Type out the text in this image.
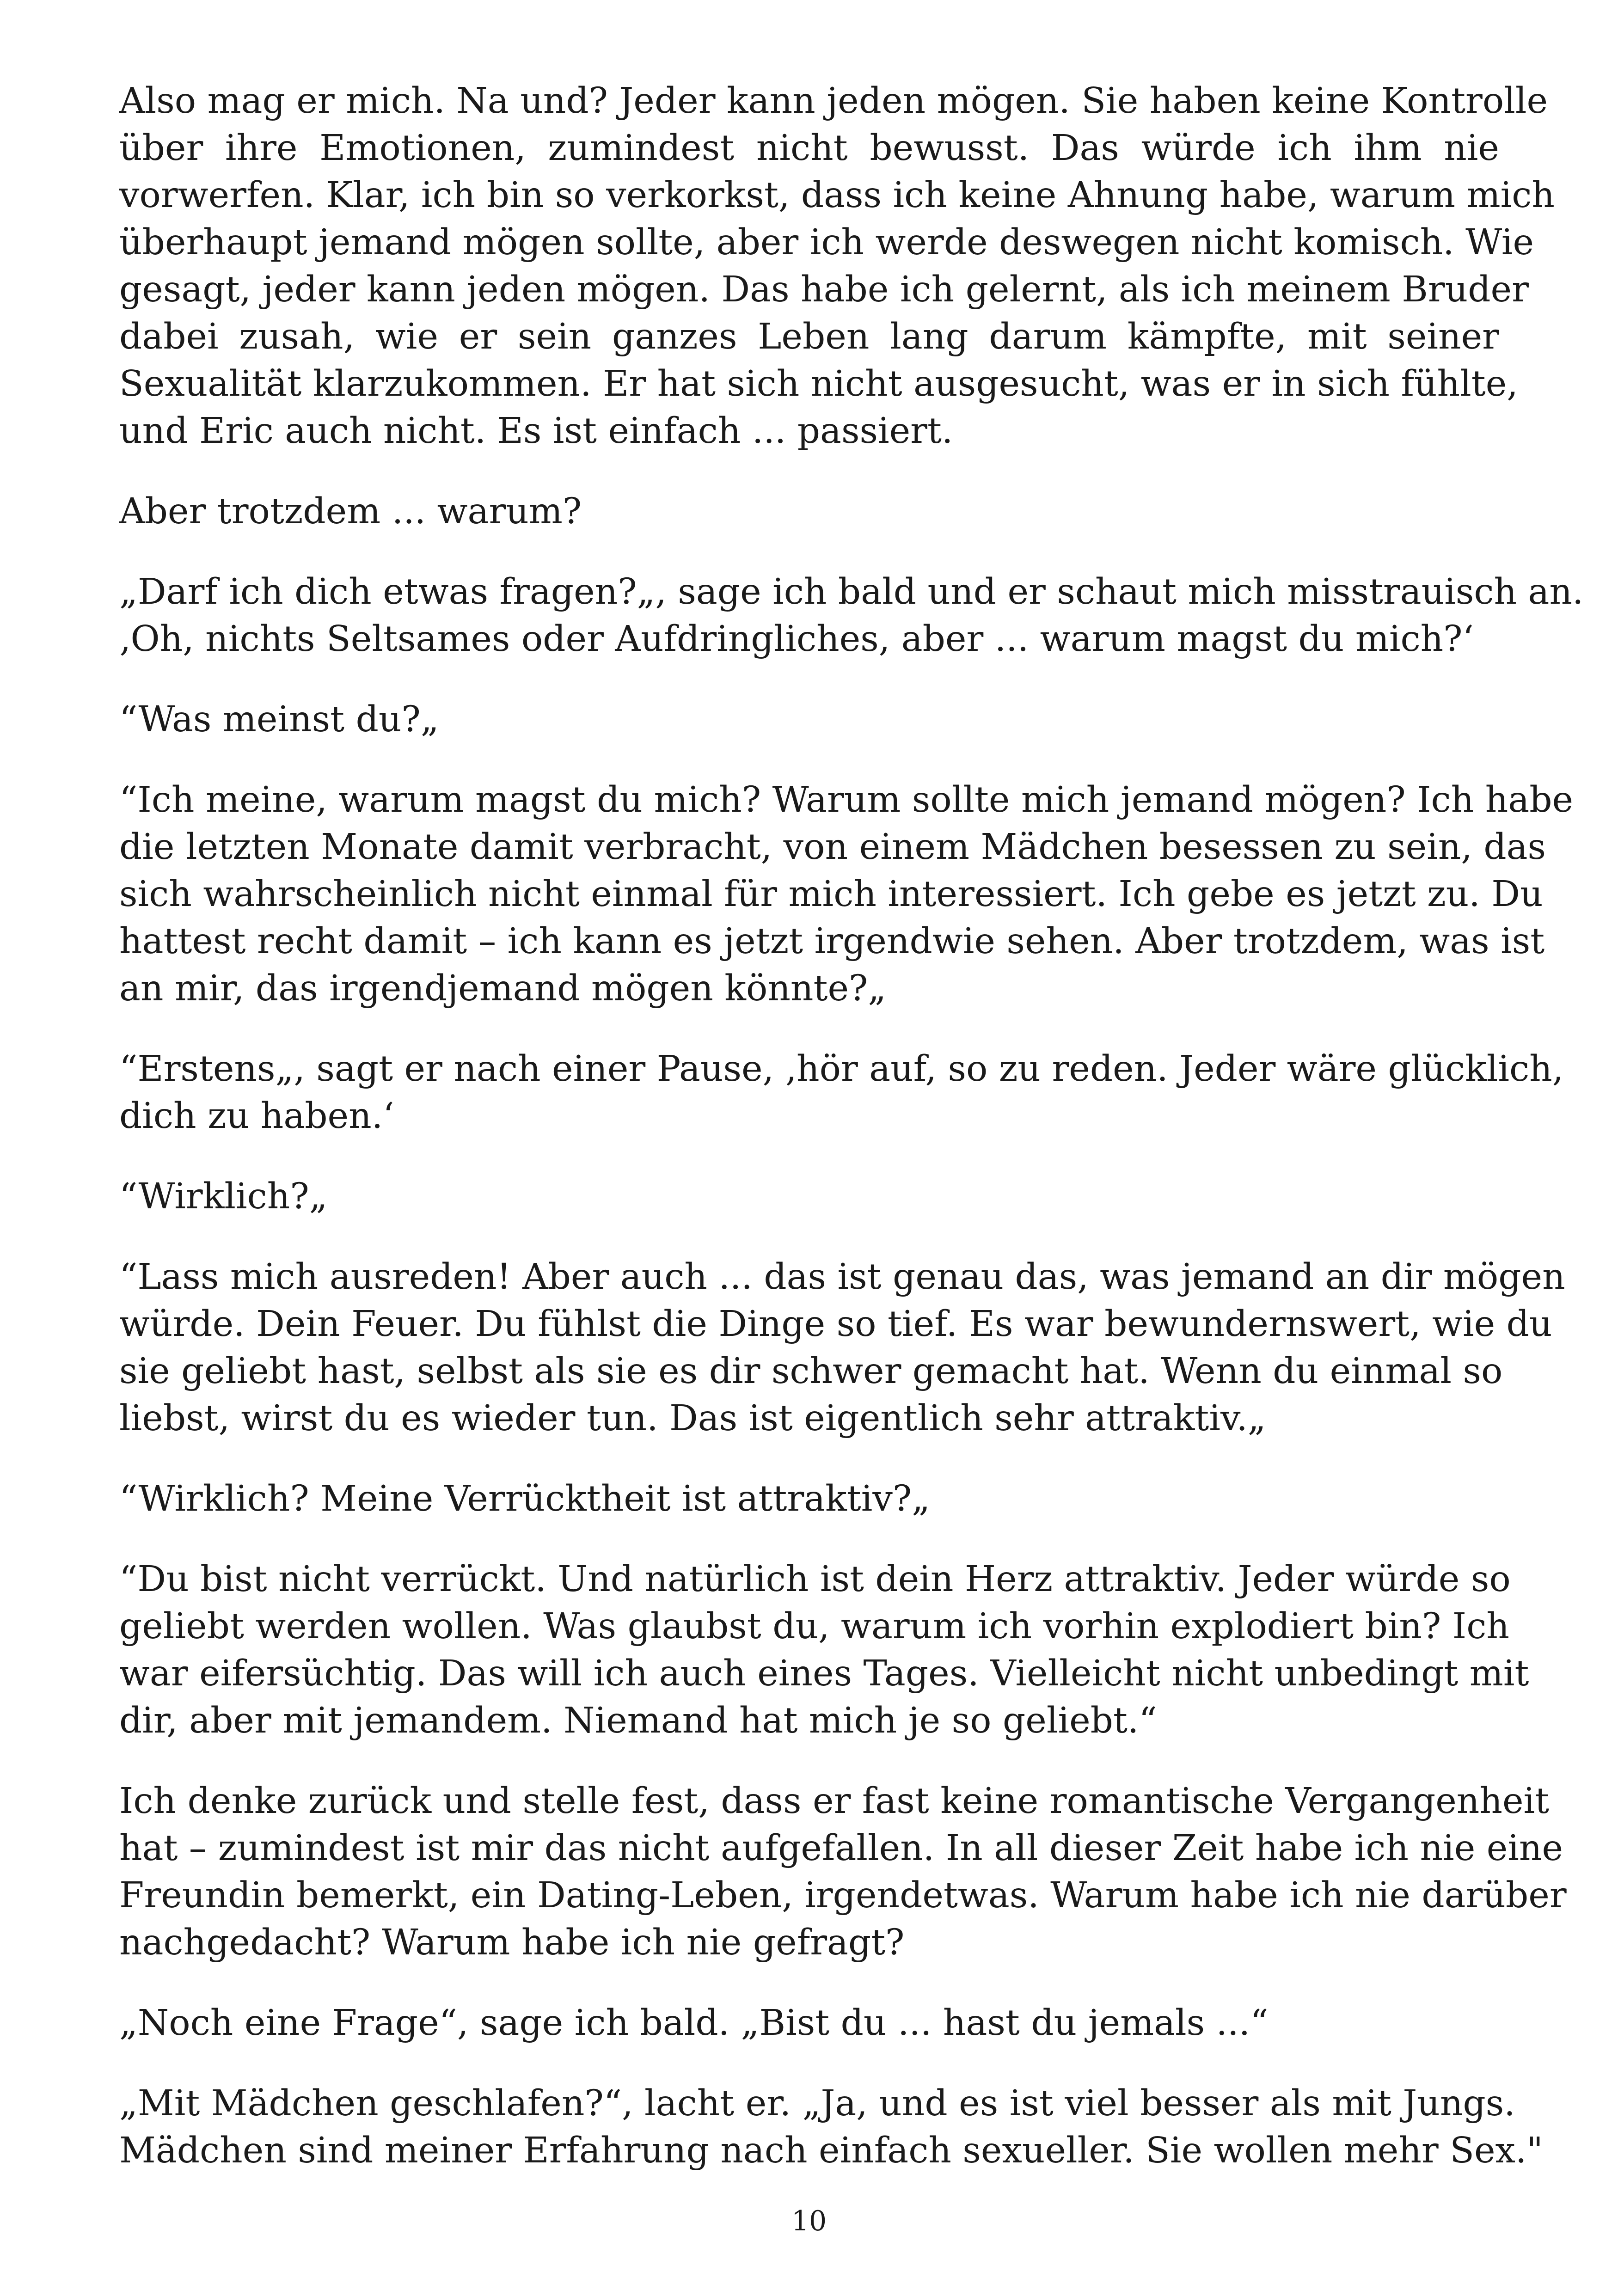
Also mag er mich. Na und? Jeder kann jeden mögen. Sie haben keine Kontrolle
über ihre Emotionen, zumindest nicht bewusst. Das würde ich ihm nie
vorwerfen. Klar, ich bin so verkorkst, dass ich keine Ahnung habe, warum mich
überhaupt jemand mögen sollte, aber ich werde deswegen nicht komisch. Wie
gesagt, jeder kann jeden mögen. Das habe ich gelernt, als ich meinem Bruder
dabei zusah, wie er sein ganzes Leben lang darum kämpfte, mit seiner
Sexualität klarzukommen. Er hat sich nicht ausgesucht, was er in sich fühlte,
und Eric auch nicht. Es ist einfach ... passiert.

Aber trotzdem ... warum?

„Darf ich dich etwas fragen?„, sage ich bald und er schaut mich misstrauisch an.
‚Oh, nichts Seltsames oder Aufdringliches, aber ... warum magst du mich?‘

“Was meinst du?„

“Ich meine, warum magst du mich? Warum sollte mich jemand mögen? Ich habe
die letzten Monate damit verbracht, von einem Mädchen besessen zu sein, das
sich wahrscheinlich nicht einmal für mich interessiert. Ich gebe es jetzt zu. Du
hattest recht damit – ich kann es jetzt irgendwie sehen. Aber trotzdem, was ist
an mir, das irgendjemand mögen könnte?„

“Erstens„, sagt er nach einer Pause, ‚hör auf, so zu reden. Jeder wäre glücklich,
dich zu haben.‘

“Wirklich?„

“Lass mich ausreden! Aber auch ... das ist genau das, was jemand an dir mögen
würde. Dein Feuer. Du fühlst die Dinge so tief. Es war bewundernswert, wie du
sie geliebt hast, selbst als sie es dir schwer gemacht hat. Wenn du einmal so
liebst, wirst du es wieder tun. Das ist eigentlich sehr attraktiv.„

“Wirklich? Meine Verrücktheit ist attraktiv?„

“Du bist nicht verrückt. Und natürlich ist dein Herz attraktiv. Jeder würde so
geliebt werden wollen. Was glaubst du, warum ich vorhin explodiert bin? Ich
war eifersüchtig. Das will ich auch eines Tages. Vielleicht nicht unbedingt mit
dir, aber mit jemandem. Niemand hat mich je so geliebt.“

Ich denke zurück und stelle fest, dass er fast keine romantische Vergangenheit
hat – zumindest ist mir das nicht aufgefallen. In all dieser Zeit habe ich nie eine
Freundin bemerkt, ein Dating-Leben, irgendetwas. Warum habe ich nie darüber
nachgedacht? Warum habe ich nie gefragt?

„Noch eine Frage“, sage ich bald. „Bist du ... hast du jemals ...“

„Mit Mädchen geschlafen?“, lacht er. „Ja, und es ist viel besser als mit Jungs.
Mädchen sind meiner Erfahrung nach einfach sexueller. Sie wollen mehr Sex."

10
